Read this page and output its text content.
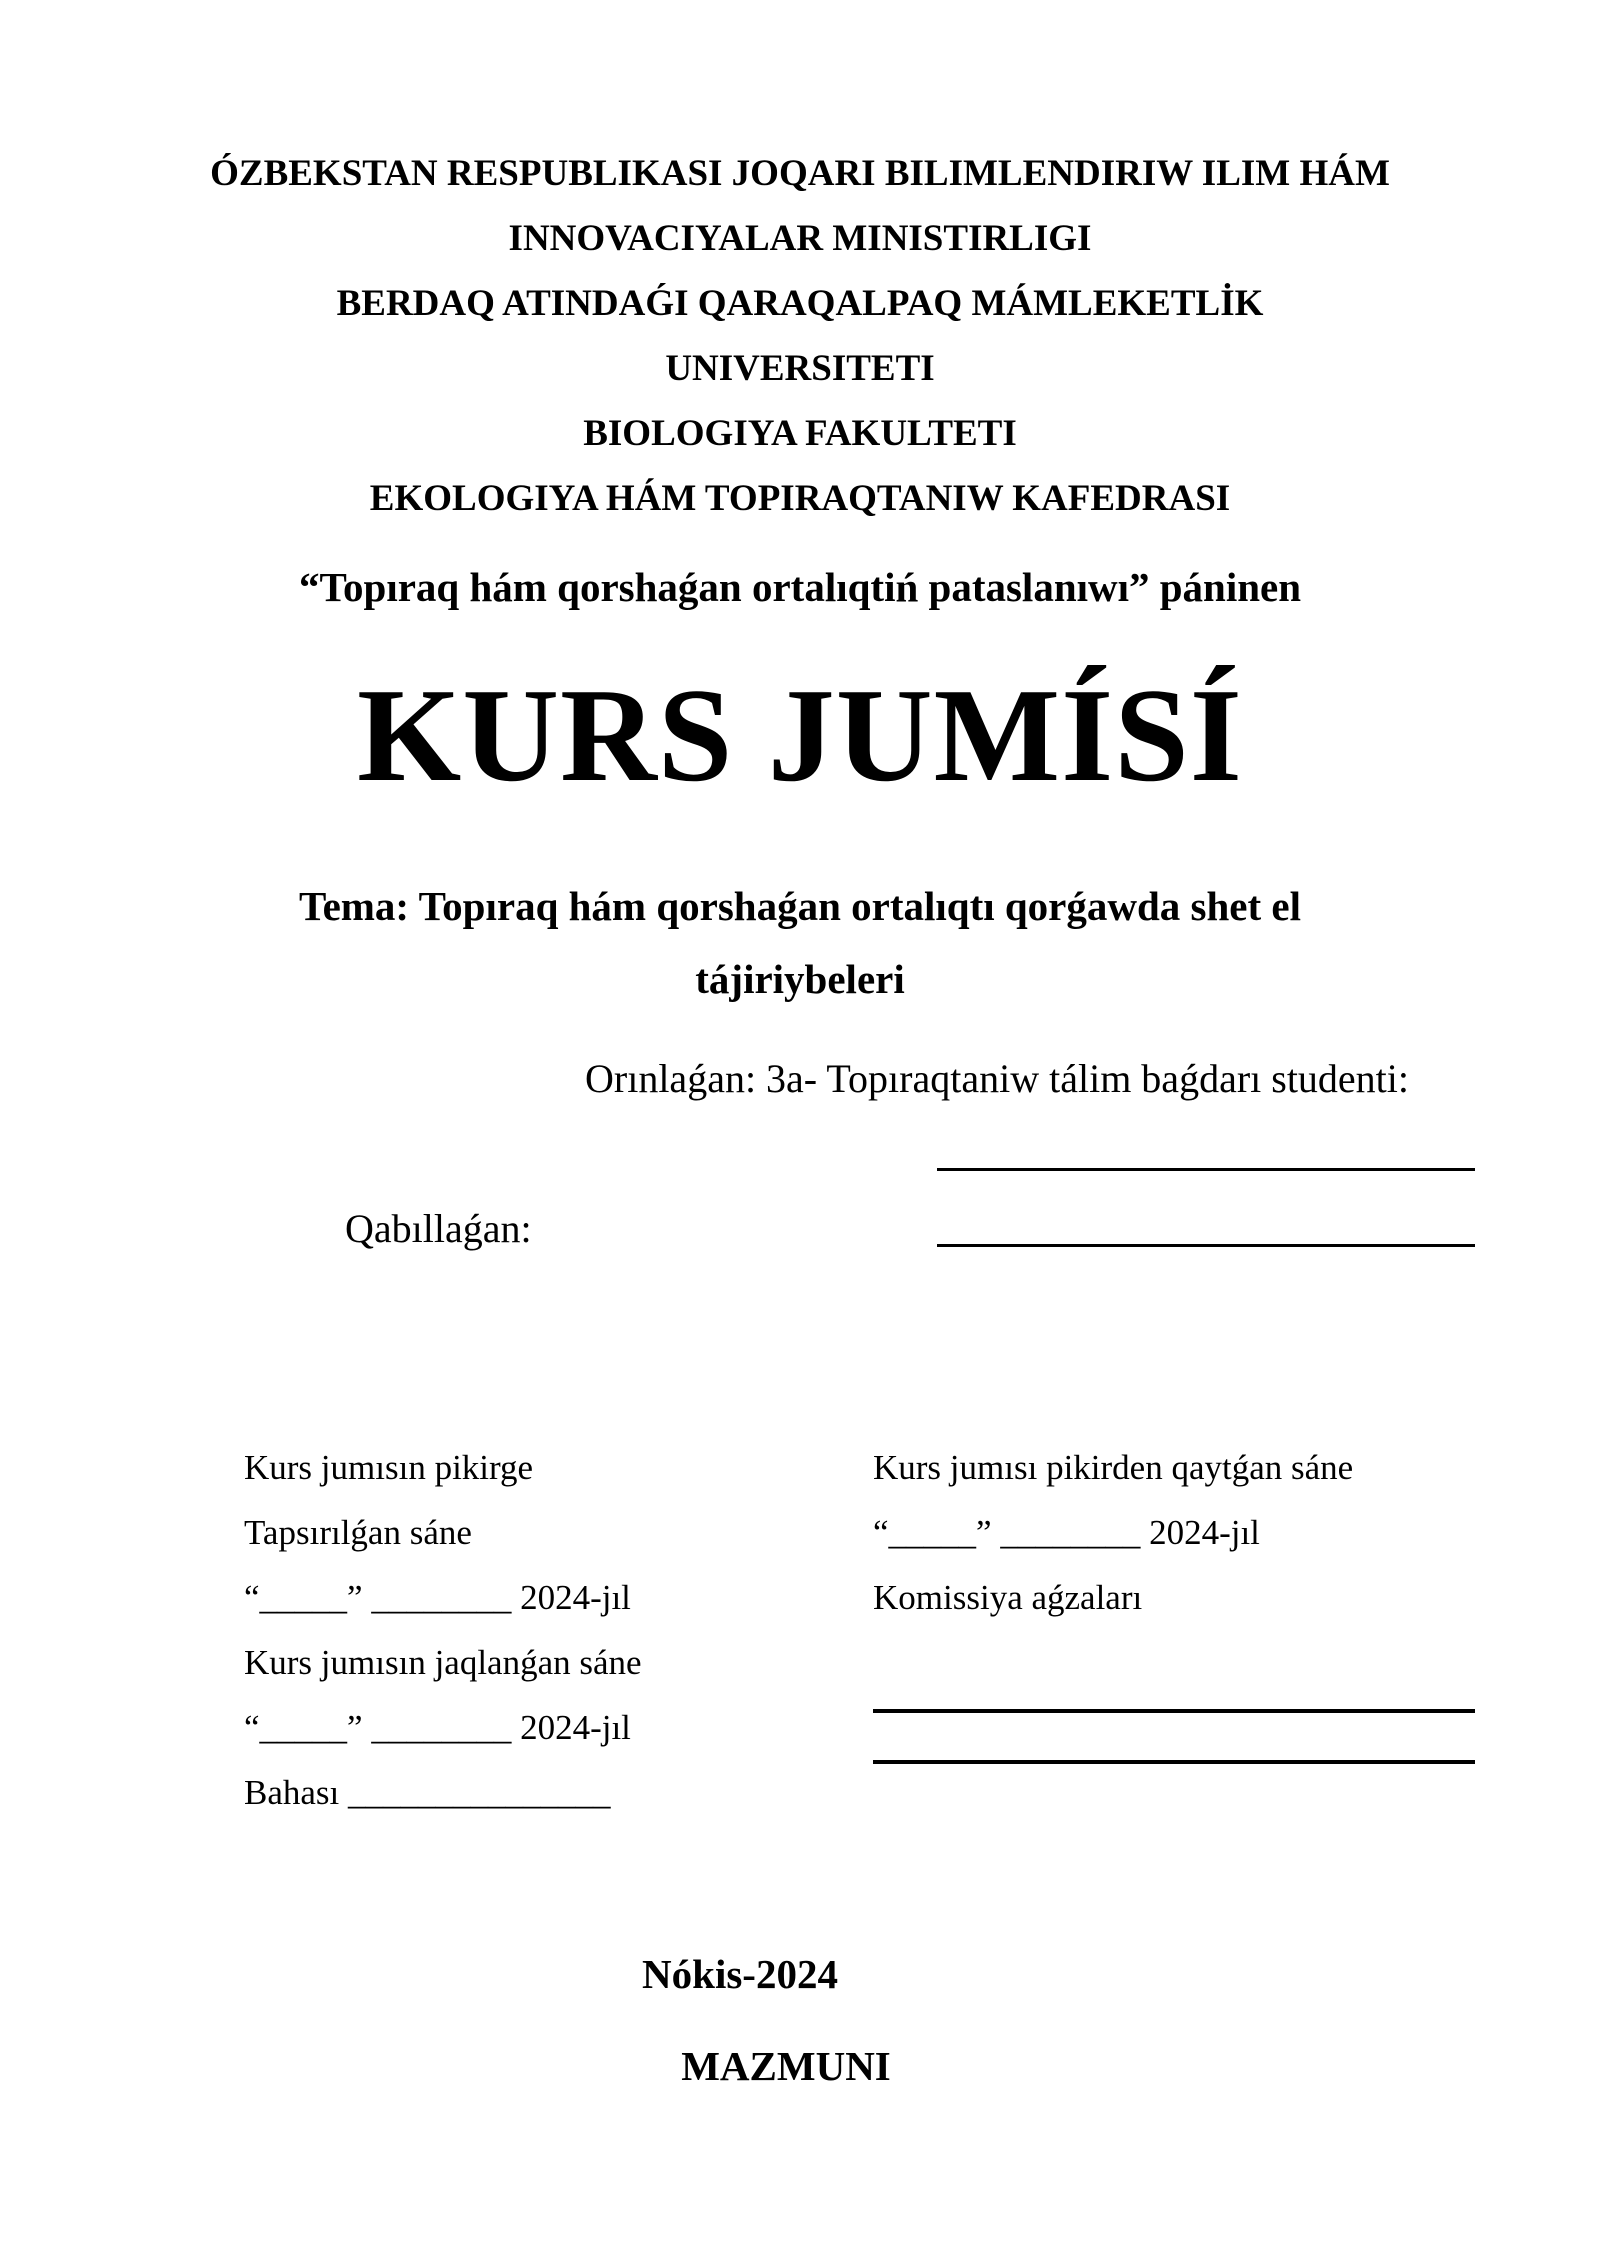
ÓZBEKSTAN RESPUBLIKASI JOQARI BILIMLENDIRIW ILIM HÁM
INNOVACIYALAR MINISTIRLIGI
BERDAQ ATINDAǴI QARAQALPAQ MÁMLEKETLİK
UNIVERSITETI
BIOLOGIYA FAKULTETI
EKOLOGIYA HÁM TOPIRAQTANIW KAFEDRASI
“Topıraq hám qorshaǵan ortalıqtiń pataslanıwı” páninen
KURS JUMÍSÍ
Tema: Topıraq hám qorshaǵan ortalıqtı qorǵawda shet el
tájiriybeleri
Orınlaǵan: 3a- Topıraqtaniw tálim baǵdarı studenti:
Qabıllaǵan:
Kurs jumısın pikirge
Tapsırılǵan sáne
“_____” ________ 2024-jıl
Kurs jumısın jaqlanǵan sáne
“_____” ________ 2024-jıl
Bahası _______________
Kurs jumısı pikirden qaytǵan sáne
“_____” ________ 2024-jıl
Komissiya aǵzaları
Nókis-2024
MAZMUNI
